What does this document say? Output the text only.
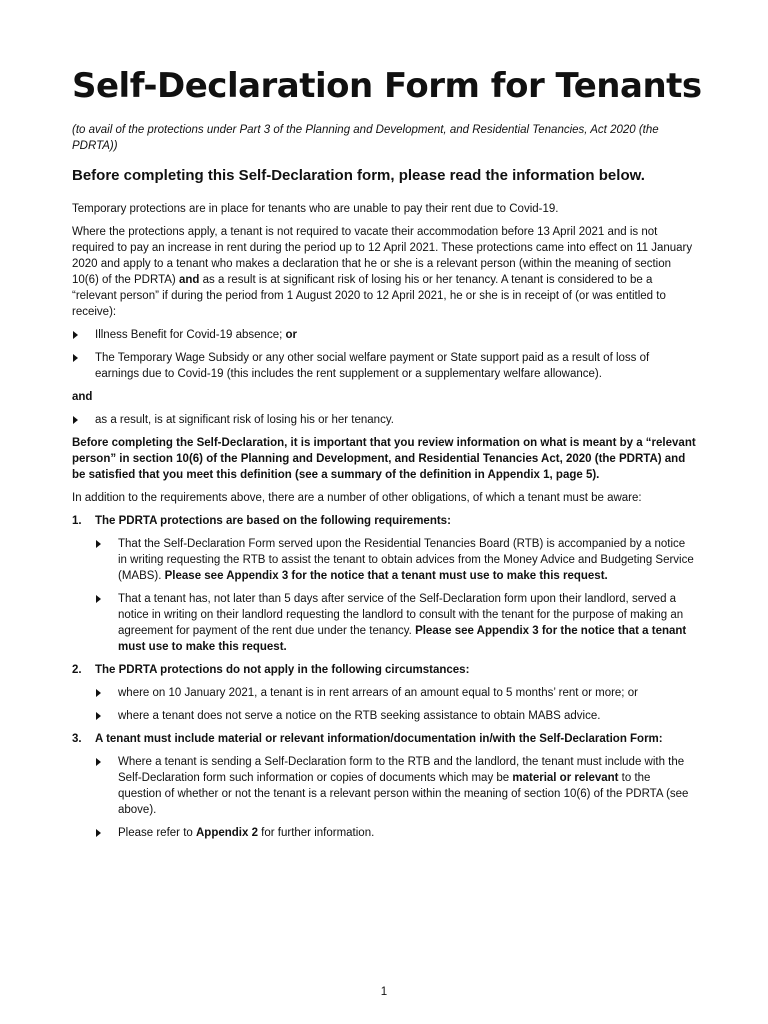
Self-Declaration Form for Tenants

(to avail of the protections under Part 3 of the Planning and Development, and Residential Tenancies, Act 2020 (the PDRTA))

Before completing this Self-Declaration form, please read the information below.

Temporary protections are in place for tenants who are unable to pay their rent due to Covid-19.

Where the protections apply, a tenant is not required to vacate their accommodation before 13 April 2021 and is not required to pay an increase in rent during the period up to 12 April 2021. These protections came into effect on 11 January 2020 and apply to a tenant who makes a declaration that he or she is a relevant person (within the meaning of section 10(6) of the PDRTA) and as a result is at significant risk of losing his or her tenancy. A tenant is considered to be a “relevant person” if during the period from 1 August 2020 to 12 April 2021, he or she is in receipt of (or was entitled to receive):

Illness Benefit for Covid-19 absence; or
The Temporary Wage Subsidy or any other social welfare payment or State support paid as a result of loss of earnings due to Covid-19 (this includes the rent supplement or a supplementary welfare allowance).

and

as a result, is at significant risk of losing his or her tenancy.

Before completing the Self-Declaration, it is important that you review information on what is meant by a “relevant person” in section 10(6) of the Planning and Development, and Residential Tenancies Act, 2020 (the PDRTA) and be satisfied that you meet this definition (see a summary of the definition in Appendix 1, page 5).

In addition to the requirements above, there are a number of other obligations, of which a tenant must be aware:

1. The PDRTA protections are based on the following requirements:
That the Self-Declaration Form served upon the Residential Tenancies Board (RTB) is accompanied by a notice in writing requesting the RTB to assist the tenant to obtain advices from the Money Advice and Budgeting Service (MABS). Please see Appendix 3 for the notice that a tenant must use to make this request.
That a tenant has, not later than 5 days after service of the Self-Declaration form upon their landlord, served a notice in writing on their landlord requesting the landlord to consult with the tenant for the purpose of making an agreement for payment of the rent due under the tenancy. Please see Appendix 3 for the notice that a tenant must use to make this request.
2. The PDRTA protections do not apply in the following circumstances:
where on 10 January 2021, a tenant is in rent arrears of an amount equal to 5 months’ rent or more; or
where a tenant does not serve a notice on the RTB seeking assistance to obtain MABS advice.
3. A tenant must include material or relevant information/documentation in/with the Self-Declaration Form:
Where a tenant is sending a Self-Declaration form to the RTB and the landlord, the tenant must include with the Self-Declaration form such information or copies of documents which may be material or relevant to the question of whether or not the tenant is a relevant person within the meaning of section 10(6) of the PDRTA (see above).
Please refer to Appendix 2 for further information.
1
